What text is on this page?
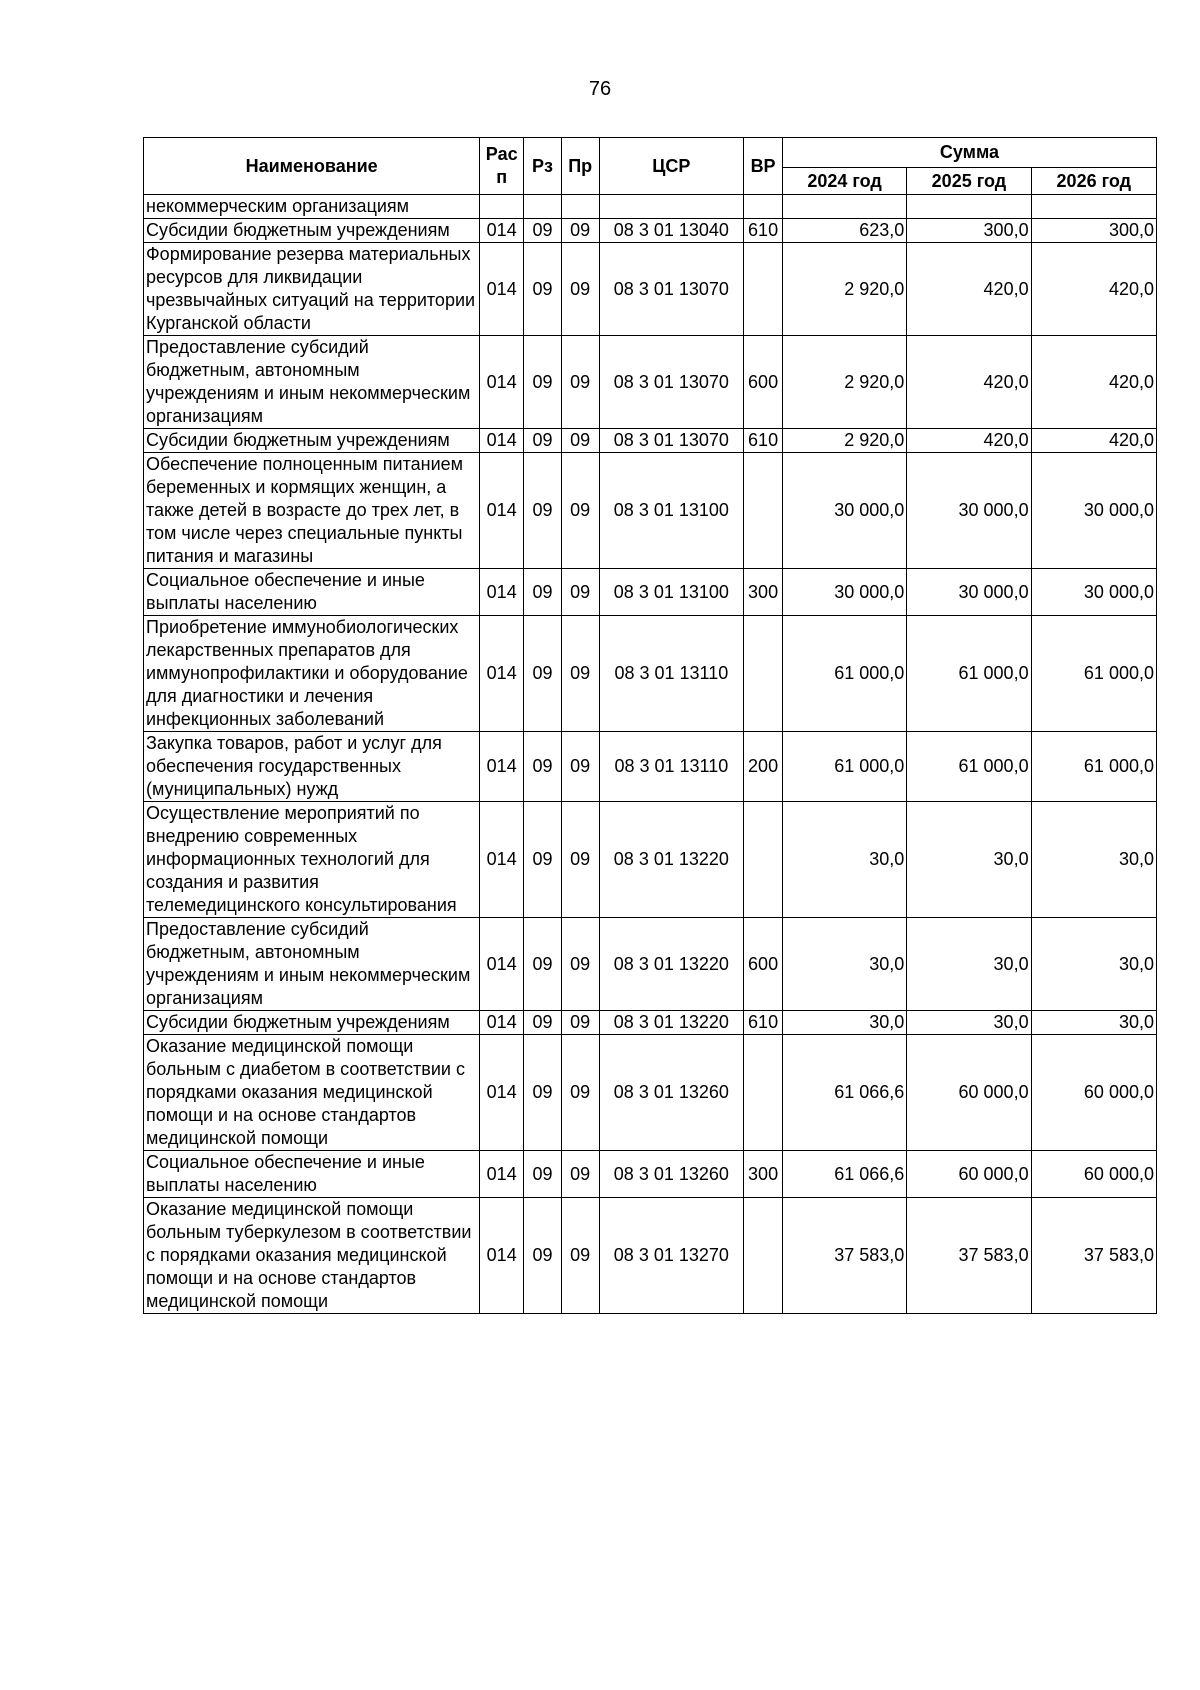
76
Наименование	Рас п	Рз	Пр	ЦСР	ВР	Сумма		
						2024 год	2025 год	2026 год
некоммерческим организациям								
Субсидии бюджетным учреждениям	014	09	09	08 3 01 13040	610	623,0	300,0	300,0
Формирование резерва материальных ресурсов для ликвидации чрезвычайных ситуаций на территории Курганской области	014	09	09	08 3 01 13070		2 920,0	420,0	420,0
Предоставление субсидий бюджетным, автономным учреждениям и иным некоммерческим организациям	014	09	09	08 3 01 13070	600	2 920,0	420,0	420,0
Субсидии бюджетным учреждениям	014	09	09	08 3 01 13070	610	2 920,0	420,0	420,0
Обеспечение полноценным питанием беременных и кормящих женщин, а также детей в возрасте до трех лет, в том числе через специальные пункты питания и магазины	014	09	09	08 3 01 13100		30 000,0	30 000,0	30 000,0
Социальное обеспечение и иные выплаты населению	014	09	09	08 3 01 13100	300	30 000,0	30 000,0	30 000,0
Приобретение иммунобиологических лекарственных препаратов для иммунопрофилактики и оборудование для диагностики и лечения инфекционных заболеваний	014	09	09	08 3 01 13110		61 000,0	61 000,0	61 000,0
Закупка товаров, работ и услуг для обеспечения государственных (муниципальных) нужд	014	09	09	08 3 01 13110	200	61 000,0	61 000,0	61 000,0
Осуществление мероприятий по внедрению современных информационных технологий для создания и развития телемедицинского консультирования	014	09	09	08 3 01 13220		30,0	30,0	30,0
Предоставление субсидий бюджетным, автономным учреждениям и иным некоммерческим организациям	014	09	09	08 3 01 13220	600	30,0	30,0	30,0
Субсидии бюджетным учреждениям	014	09	09	08 3 01 13220	610	30,0	30,0	30,0
Оказание медицинской помощи больным с диабетом в соответствии с порядками оказания медицинской помощи и на основе стандартов медицинской помощи	014	09	09	08 3 01 13260		61 066,6	60 000,0	60 000,0
Социальное обеспечение и иные выплаты населению	014	09	09	08 3 01 13260	300	61 066,6	60 000,0	60 000,0
Оказание медицинской помощи больным туберкулезом в соответствии с порядками оказания медицинской помощи и на основе стандартов медицинской помощи	014	09	09	08 3 01 13270		37 583,0	37 583,0	37 583,0
